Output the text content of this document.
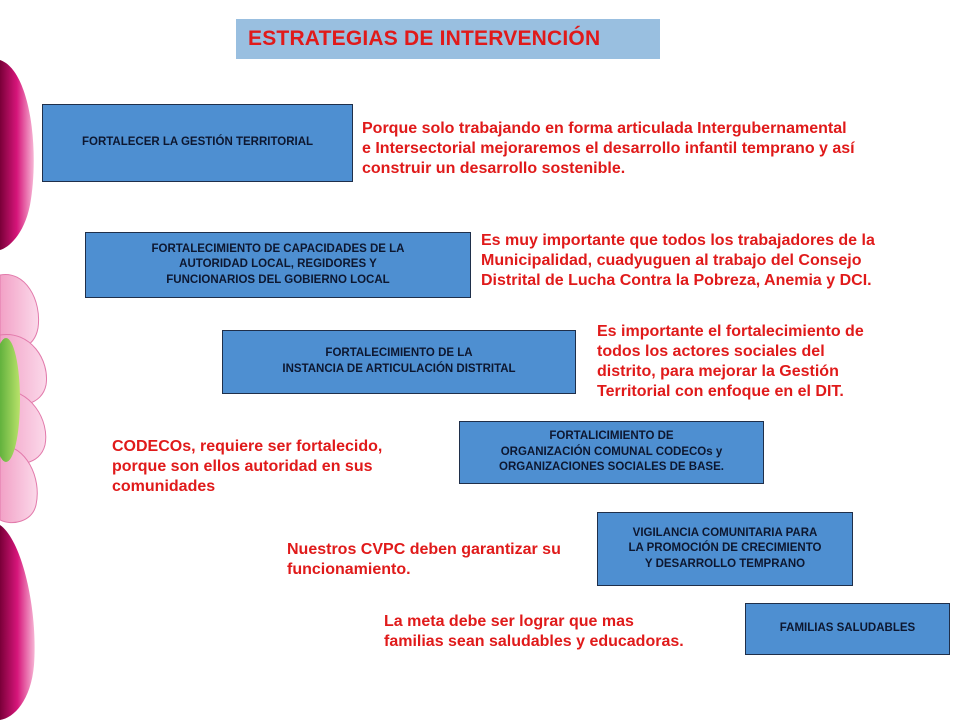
ESTRATEGIAS DE INTERVENCIÓN
FORTALECER LA GESTIÓN TERRITORIAL
Porque solo trabajando en forma articulada Intergubernamental
e Intersectorial mejoraremos el desarrollo infantil temprano y así
construir un desarrollo sostenible.
FORTALECIMIENTO DE CAPACIDADES DE LA
AUTORIDAD LOCAL, REGIDORES Y
FUNCIONARIOS DEL GOBIERNO LOCAL
Es muy importante que todos los trabajadores de la
Municipalidad, cuadyuguen al trabajo del Consejo
Distrital de Lucha Contra la Pobreza, Anemia y DCI.
FORTALECIMIENTO DE LA
INSTANCIA DE ARTICULACIÓN DISTRITAL
Es importante el fortalecimiento de
todos los actores sociales del
distrito, para mejorar la Gestión
Territorial con enfoque en el DIT.
FORTALICIMIENTO DE
ORGANIZACIÓN COMUNAL CODECOs y
ORGANIZACIONES SOCIALES DE BASE.
CODECOs, requiere ser fortalecido,
porque son ellos autoridad en sus
comunidades
VIGILANCIA COMUNITARIA PARA
LA PROMOCIÓN DE CRECIMIENTO
Y DESARROLLO TEMPRANO
Nuestros CVPC deben garantizar su
funcionamiento.
FAMILIAS SALUDABLES
La meta debe ser lograr que mas
familias sean saludables y educadoras.
